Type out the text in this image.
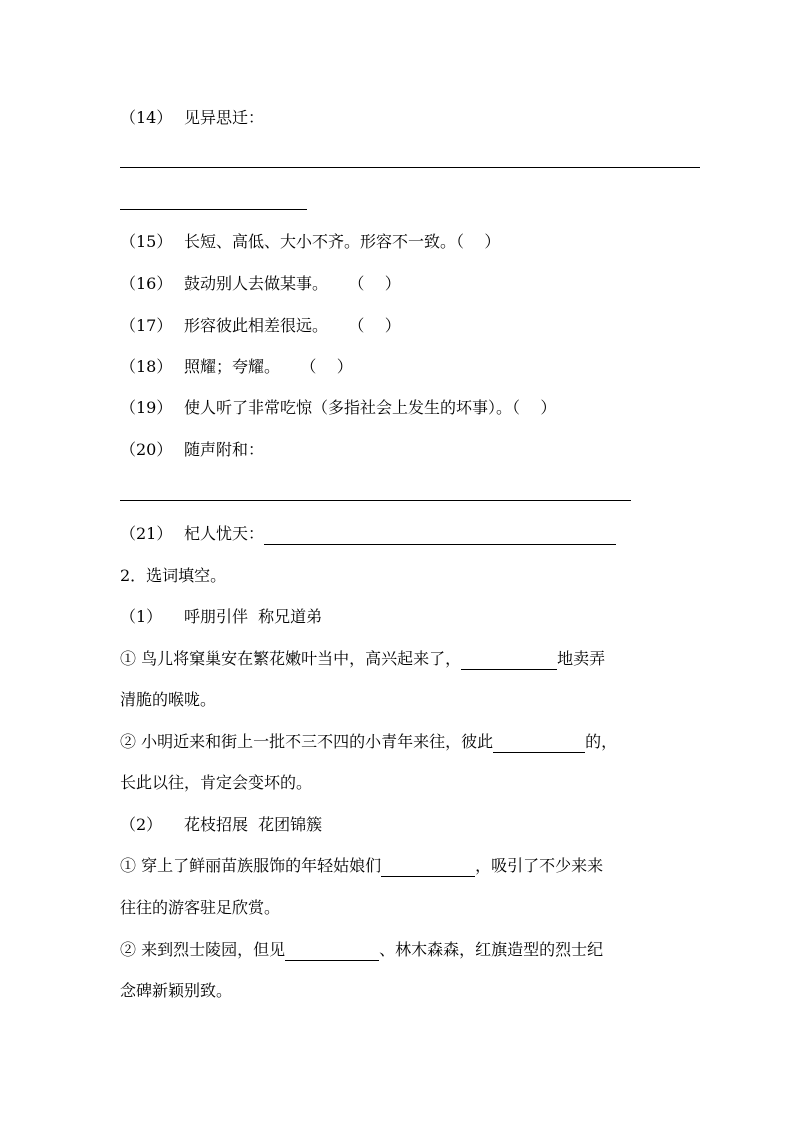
（14） 见异思迁：
（15） 长短、高低、大小不齐。形容不一致。（    ）
（16） 鼓动别人去做某事。    （    ）
（17） 形容彼此相差很远。    （    ）
（18） 照耀；夸耀。    （    ）
（19） 使人听了非常吃惊（多指社会上发生的坏事）。（    ）
（20） 随声附和：
（21） 杞人忧天：
2．选词填空。
（1） 呼朋引伴  称兄道弟
① 鸟儿将窠巢安在繁花嫩叶当中，高兴起来了，	地卖弄
清脆的喉咙。
② 小明近来和街上一批不三不四的小青年来往，彼此	的，
长此以往，肯定会变坏的。
（2） 花枝招展  花团锦簇
① 穿上了鲜丽苗族服饰的年轻姑娘们	，吸引了不少来来
往往的游客驻足欣赏。
② 来到烈士陵园，但见	、林木森森，红旗造型的烈士纪
念碑新颖别致。
